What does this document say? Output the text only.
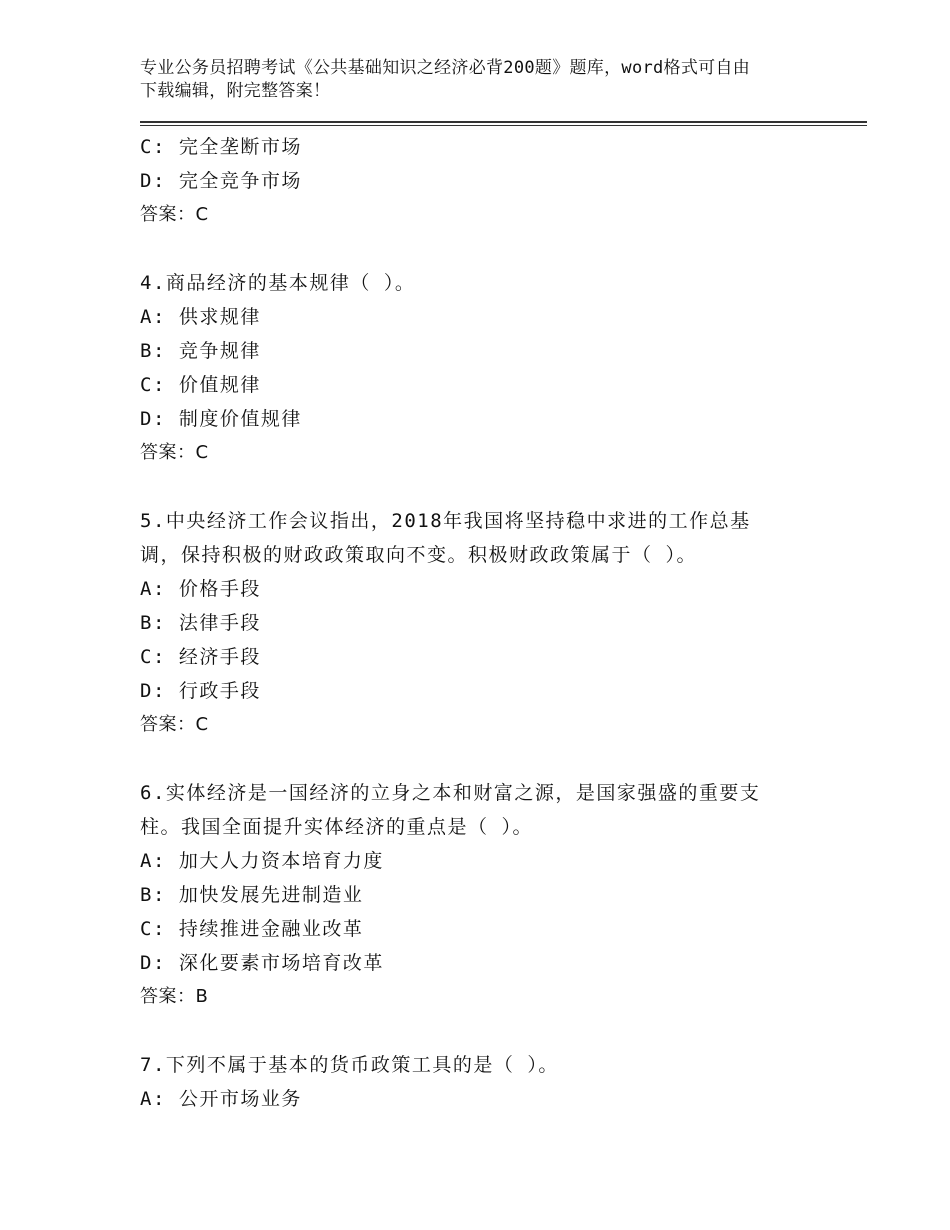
专业公务员招聘考试《公共基础知识之经济必背200题》题库，word格式可自由
下载编辑，附完整答案！
C: 完全垄断市场
D: 完全竞争市场
答案：C
4.商品经济的基本规律（ ）。
A: 供求规律
B: 竞争规律
C: 价值规律
D: 制度价值规律
答案：C
5.中央经济工作会议指出，2018年我国将坚持稳中求进的工作总基
调，保持积极的财政政策取向不变。积极财政政策属于（ ）。
A: 价格手段
B: 法律手段
C: 经济手段
D: 行政手段
答案：C
6.实体经济是一国经济的立身之本和财富之源，是国家强盛的重要支
柱。我国全面提升实体经济的重点是（ ）。
A: 加大人力资本培育力度
B: 加快发展先进制造业
C: 持续推进金融业改革
D: 深化要素市场培育改革
答案：B
7.下列不属于基本的货币政策工具的是（ ）。
A: 公开市场业务
